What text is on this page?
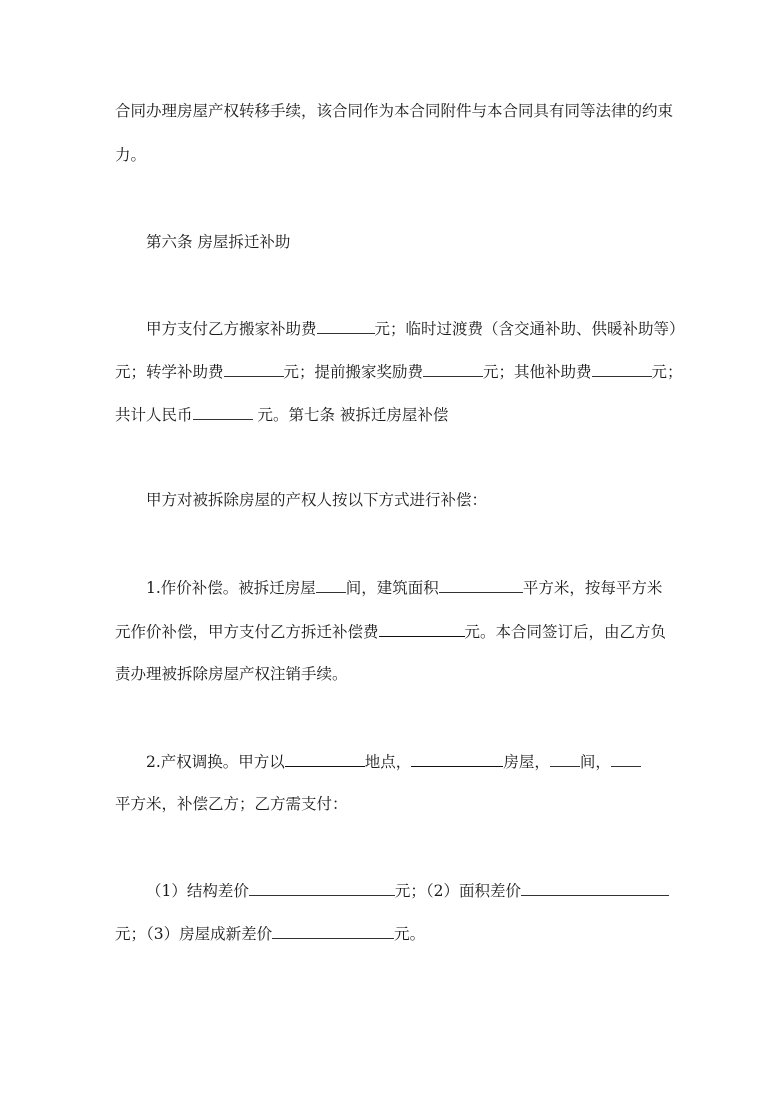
合同办理房屋产权转移手续，该合同作为本合同附件与本合同具有同等法律的约束
力。
第六条 房屋拆迁补助
甲方支付乙方搬家补助费	元；临时过渡费（含交通补助、供暖补助等）
元；转学补助费	元；提前搬家奖励费	元；其他补助费	元；
共计人民币	元。第七条 被拆迁房屋补偿
甲方对被拆除房屋的产权人按以下方式进行补偿：
1.作价补偿。被拆迁房屋 间，建筑面积	平方米，按每平方米
元作价补偿，甲方支付乙方拆迁补偿费	元。本合同签订后，由乙方负
责办理被拆除房屋产权注销手续。
2.产权调换。甲方以	地点，	房屋， 间，
平方米，补偿乙方；乙方需支付：
（1）结构差价	元；（2）面积差价
元；（3）房屋成新差价	元。
